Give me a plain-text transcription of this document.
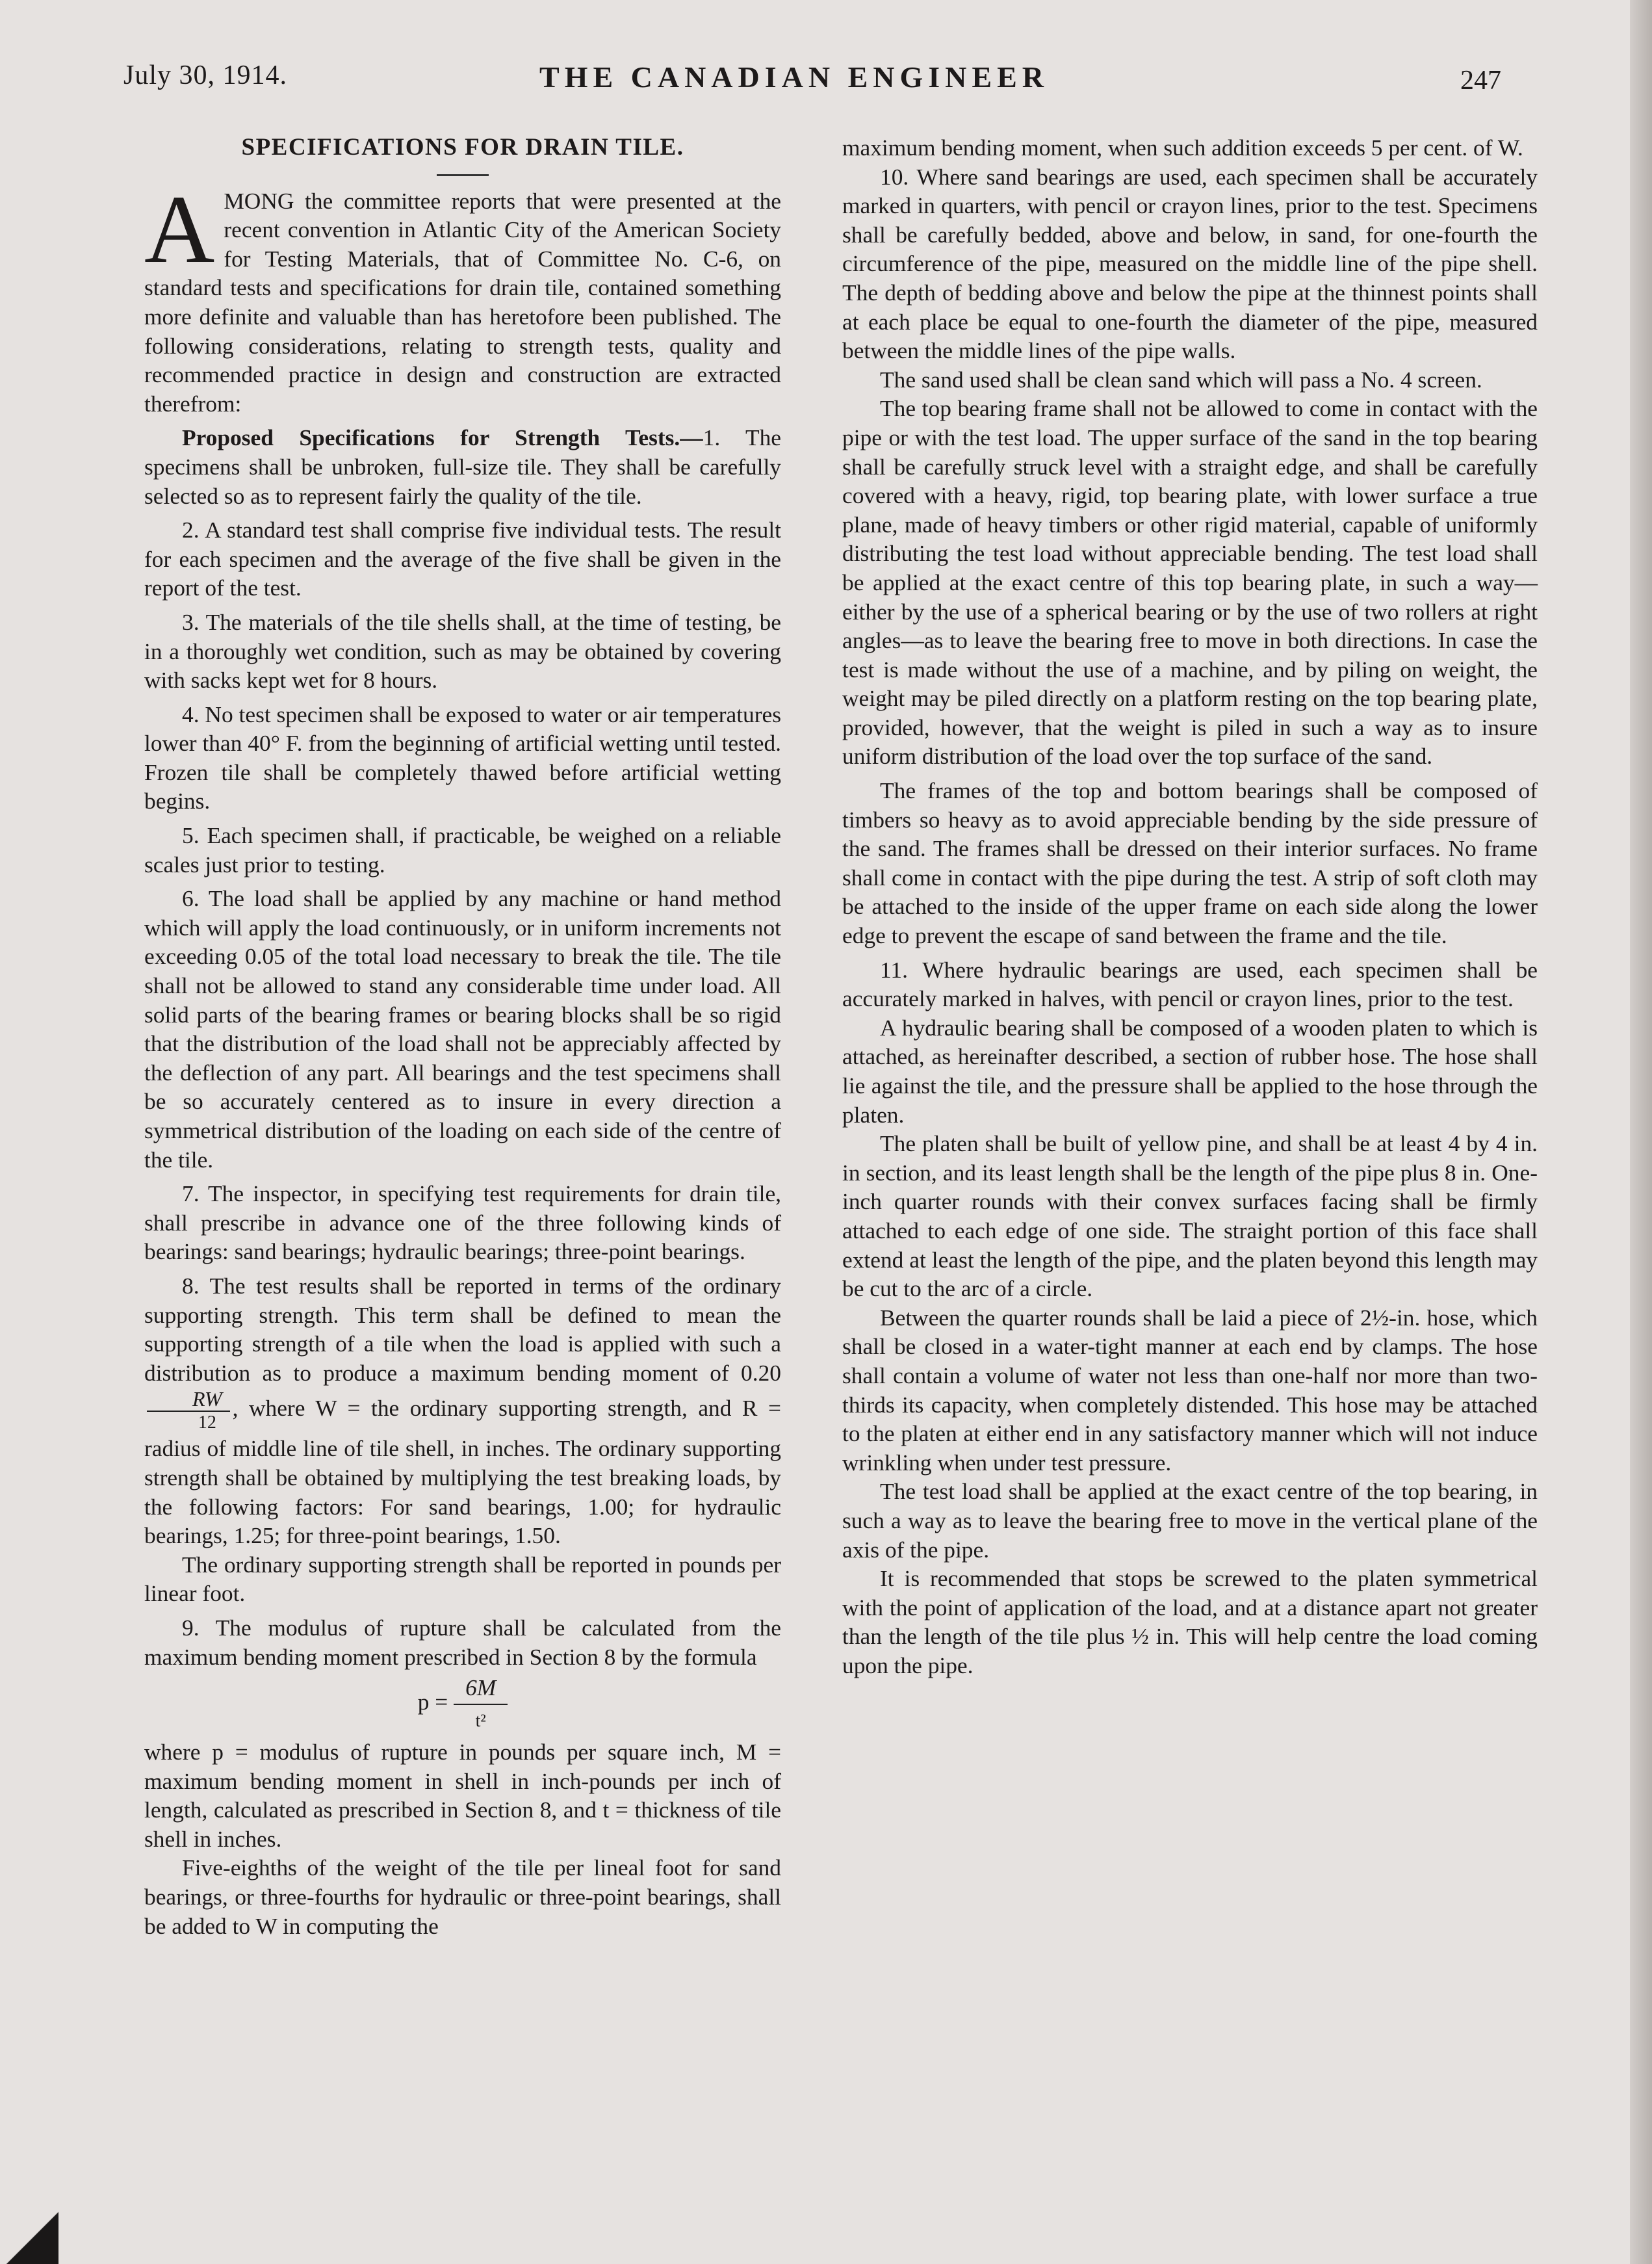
July 30, 1914.	THE CANADIAN ENGINEER	247
SPECIFICATIONS FOR DRAIN TILE.

AMONG the committee reports that were presented at the recent convention in Atlantic City of the American Society for Testing Materials, that of Committee No. C-6, on standard tests and specifications for drain tile, contained something more definite and valuable than has heretofore been published. The following considerations, relating to strength tests, quality and recommended practice in design and construction are extracted therefrom:

Proposed Specifications for Strength Tests.—1. The specimens shall be unbroken, full-size tile. They shall be carefully selected so as to represent fairly the quality of the tile.

2. A standard test shall comprise five individual tests. The result for each specimen and the average of the five shall be given in the report of the test.

3. The materials of the tile shells shall, at the time of testing, be in a thoroughly wet condition, such as may be obtained by covering with sacks kept wet for 8 hours.

4. No test specimen shall be exposed to water or air temperatures lower than 40° F. from the beginning of artificial wetting until tested. Frozen tile shall be completely thawed before artificial wetting begins.

5. Each specimen shall, if practicable, be weighed on a reliable scales just prior to testing.

6. The load shall be applied by any machine or hand method which will apply the load continuously, or in uniform increments not exceeding 0.05 of the total load necessary to break the tile. The tile shall not be allowed to stand any considerable time under load. All solid parts of the bearing frames or bearing blocks shall be so rigid that the distribution of the load shall not be appreciably affected by the deflection of any part. All bearings and the test specimens shall be so accurately centered as to insure in every direction a symmetrical distribution of the loading on each side of the centre of the tile.

7. The inspector, in specifying test requirements for drain tile, shall prescribe in advance one of the three following kinds of bearings: sand bearings; hydraulic bearings; three-point bearings.

8. The test results shall be reported in terms of the ordinary supporting strength. This term shall be defined to mean the supporting strength of a tile when the load is applied with such a distribution as to produce a maximum bending moment of 0.20
$\frac{RW}{12}$ , where W = the ordinary supporting strength, and R = radius of middle line of tile shell, in inches. The ordinary supporting strength shall be obtained by multiplying the test breaking loads, by the following factors: For sand bearings, 1.00; for hydraulic bearings, 1.25; for three-point bearings, 1.50.

The ordinary supporting strength shall be reported in pounds per linear foot.

9. The modulus of rupture shall be calculated from the maximum bending moment prescribed in Section 8 by the formula

$p = \frac{6M}{\text{t²}}$

where p = modulus of rupture in pounds per square inch, M = maximum bending moment in shell in inch-pounds per inch of length, calculated as prescribed in Section 8, and t = thickness of tile shell in inches.

Five-eighths of the weight of the tile per lineal foot for sand bearings, or three-fourths for hydraulic or three-point bearings, shall be added to W in computing the

maximum bending moment, when such addition exceeds 5 per cent. of W.

10. Where sand bearings are used, each specimen shall be accurately marked in quarters, with pencil or crayon lines, prior to the test. Specimens shall be carefully bedded, above and below, in sand, for one-fourth the circumference of the pipe, measured on the middle line of the pipe shell. The depth of bedding above and below the pipe at the thinnest points shall at each place be equal to one-fourth the diameter of the pipe, measured between the middle lines of the pipe walls.

The sand used shall be clean sand which will pass a No. 4 screen.

The top bearing frame shall not be allowed to come in contact with the pipe or with the test load. The upper surface of the sand in the top bearing shall be carefully struck level with a straight edge, and shall be carefully covered with a heavy, rigid, top bearing plate, with lower surface a true plane, made of heavy timbers or other rigid material, capable of uniformly distributing the test load without appreciable bending. The test load shall be applied at the exact centre of this top bearing plate, in such a way—either by the use of a spherical bearing or by the use of two rollers at right angles—as to leave the bearing free to move in both directions. In case the test is made without the use of a machine, and by piling on weight, the weight may be piled directly on a platform resting on the top bearing plate, provided, however, that the weight is piled in such a way as to insure uniform distribution of the load over the top surface of the sand.

The frames of the top and bottom bearings shall be composed of timbers so heavy as to avoid appreciable bending by the side pressure of the sand. The frames shall be dressed on their interior surfaces. No frame shall come in contact with the pipe during the test. A strip of soft cloth may be attached to the inside of the upper frame on each side along the lower edge to prevent the escape of sand between the frame and the tile.

11. Where hydraulic bearings are used, each specimen shall be accurately marked in halves, with pencil or crayon lines, prior to the test.

A hydraulic bearing shall be composed of a wooden platen to which is attached, as hereinafter described, a section of rubber hose. The hose shall lie against the tile, and the pressure shall be applied to the hose through the platen.

The platen shall be built of yellow pine, and shall be at least 4 by 4 in. in section, and its least length shall be the length of the pipe plus 8 in. One-inch quarter rounds with their convex surfaces facing shall be firmly attached to each edge of one side. The straight portion of this face shall extend at least the length of the pipe, and the platen beyond this length may be cut to the arc of a circle.

Between the quarter rounds shall be laid a piece of 2½-in. hose, which shall be closed in a water-tight manner at each end by clamps. The hose shall contain a volume of water not less than one-half nor more than two-thirds its capacity, when completely distended. This hose may be attached to the platen at either end in any satisfactory manner which will not induce wrinkling when under test pressure.

The test load shall be applied at the exact centre of the top bearing, in such a way as to leave the bearing free to move in the vertical plane of the axis of the pipe.

It is recommended that stops be screwed to the platen symmetrical with the point of application of the load, and at a distance apart not greater than the length of the tile plus ½ in. This will help centre the load coming upon the pipe.
